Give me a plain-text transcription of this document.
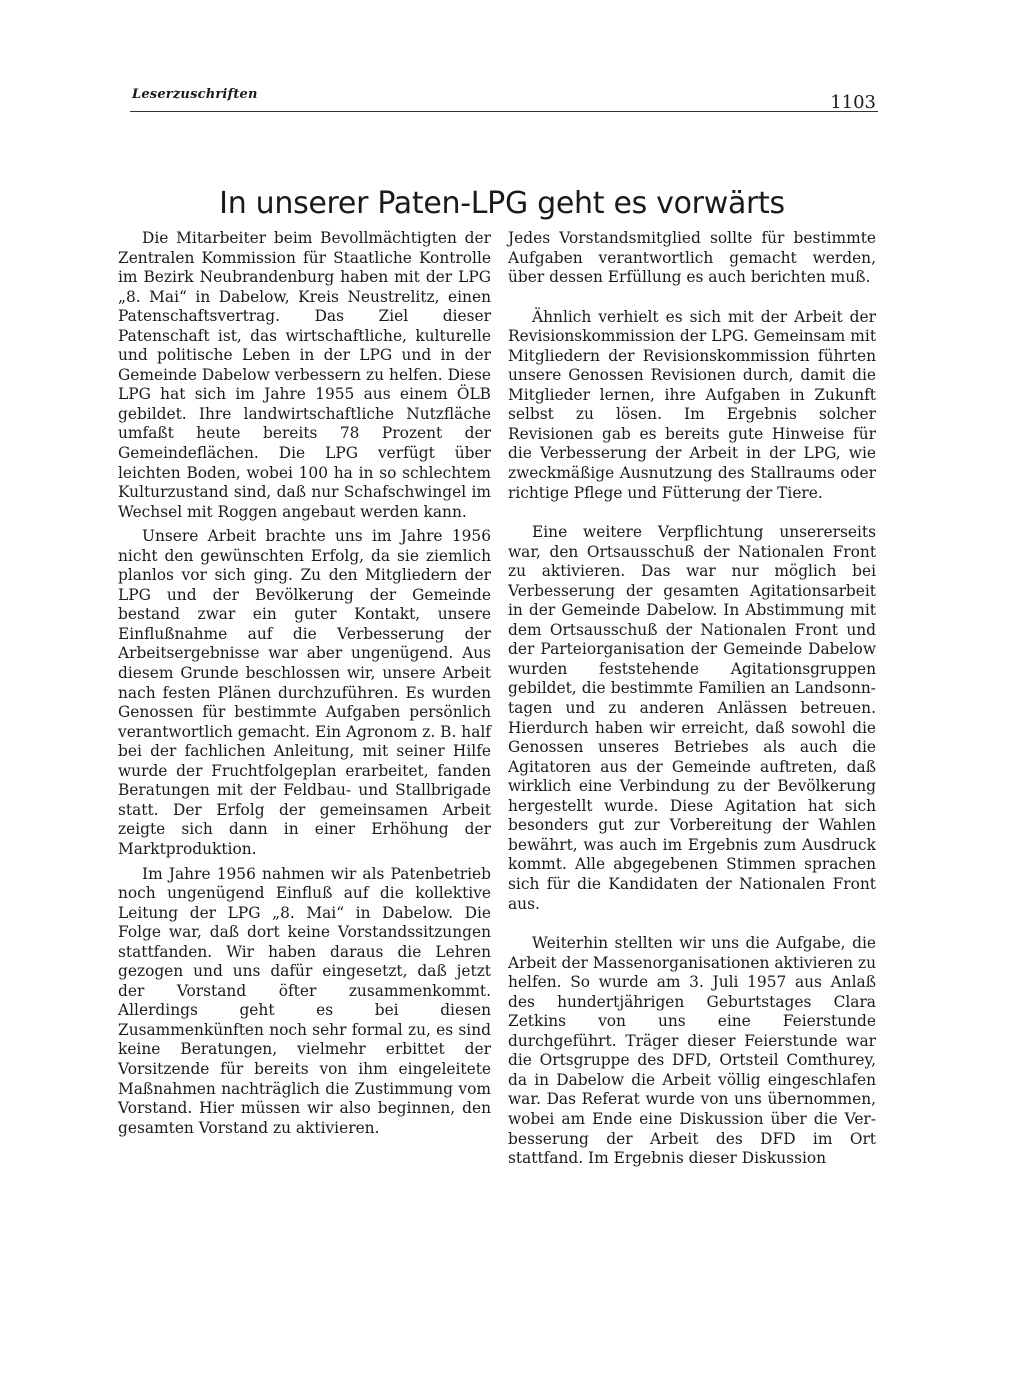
Leserzuschriften	1103
In unserer Paten-LPG geht es vorwärts

Die Mitarbeiter beim Bevollmächtigten der Zentralen Kommission für Staatliche Kontrolle im Bezirk Neubrandenburg haben mit der LPG „8. Mai“ in Dabelow, Kreis Neustrelitz, einen Patenschaftsvertrag. Das Ziel dieser Patenschaft ist, das wirtschaftliche, kulturelle und politische Leben in der LPG und in der Gemeinde Dabelow verbessern zu helfen. Diese LPG hat sich im Jahre 1955 aus einem ÖLB gebildet. Ihre landwirtschaftliche Nutzfläche umfaßt heute bereits 78 Prozent der Gemeindeflächen. Die LPG verfügt über leichten Boden, wobei 100 ha in so schlechtem Kulturzustand sind, daß nur Schafschwingel im Wechsel mit Roggen angebaut werden kann.

Unsere Arbeit brachte uns im Jahre 1956 nicht den gewünschten Erfolg, da sie ziemlich planlos vor sich ging. Zu den Mitgliedern der LPG und der Bevölkerung der Gemeinde bestand zwar ein guter Kontakt, unsere Einflußnahme auf die Verbesserung der Arbeitsergebnisse war aber ungenügend. Aus diesem Grunde beschlossen wir, unsere Arbeit nach festen Plänen durchzuführen. Es wurden Genossen für bestimmte Aufgaben persönlich verantwortlich gemacht. Ein Agronom z. B. half bei der fachlichen Anleitung, mit seiner Hilfe wurde der Fruchtfolgeplan erarbeitet, fanden Beratungen mit der Feldbau- und Stallbrigade statt. Der Erfolg der gemeinsamen Arbeit zeigte sich dann in einer Erhöhung der Marktproduktion.

Im Jahre 1956 nahmen wir als Patenbetrieb noch ungenügend Einfluß auf die kollektive Leitung der LPG „8. Mai“ in Dabelow. Die Folge war, daß dort keine Vorstandssitzungen stattfanden. Wir haben daraus die Lehren gezogen und uns dafür eingesetzt, daß jetzt der Vorstand öfter zusammenkommt. Allerdings geht es bei diesen Zusammenkünften noch sehr formal zu, es sind keine Beratungen, vielmehr erbittet der Vorsitzende für bereits von ihm eingeleitete Maßnahmen nachträglich die Zustimmung vom Vorstand. Hier müssen wir also beginnen, den gesamten Vorstand zu aktivieren.

Jedes Vorstandsmitglied sollte für bestimmte Aufgaben verantwortlich gemacht werden, über dessen Erfüllung es auch berichten muß.

Ähnlich verhielt es sich mit der Arbeit der Revisionskommission der LPG. Gemeinsam mit Mitgliedern der Revisionskommission führten unsere Genossen Revisionen durch, damit die Mitglieder lernen, ihre Aufgaben in Zukunft selbst zu lösen. Im Ergebnis solcher Revisionen gab es bereits gute Hinweise für die Verbesserung der Arbeit in der LPG, wie zweckmäßige Ausnutzung des Stallraums oder richtige Pflege und Fütterung der Tiere.

Eine weitere Verpflichtung unsererseits war, den Ortsausschuß der Nationalen Front zu aktivieren. Das war nur möglich bei Verbesserung der gesamten Agitationsarbeit in der Gemeinde Dabelow. In Abstimmung mit dem Ortsausschuß der Nationalen Front und der Parteiorganisation der Gemeinde Dabelow wurden feststehende Agitationsgruppen gebildet, die bestimmte Familien an Landsonntagen und zu anderen Anlässen betreuen. Hierdurch haben wir erreicht, daß sowohl die Genossen unseres Betriebes als auch die Agitatoren aus der Gemeinde auftreten, daß wirklich eine Verbindung zu der Bevölkerung hergestellt wurde. Diese Agitation hat sich besonders gut zur Vorbereitung der Wahlen bewährt, was auch im Ergebnis zum Ausdruck kommt. Alle abgegebenen Stimmen sprachen sich für die Kandidaten der Nationalen Front aus.

Weiterhin stellten wir uns die Aufgabe, die Arbeit der Massenorganisationen aktivieren zu helfen. So wurde am 3. Juli 1957 aus Anlaß des hundertjährigen Geburtstages Clara Zetkins von uns eine Feierstunde durchgeführt. Träger dieser Feierstunde war die Ortsgruppe des DFD, Ortsteil Comthurey, da in Dabelow die Arbeit völlig eingeschlafen war. Das Referat wurde von uns übernommen, wobei am Ende eine Diskussion über die Verbesserung der Arbeit des DFD im Ort stattfand. Im Ergebnis dieser Diskussion
